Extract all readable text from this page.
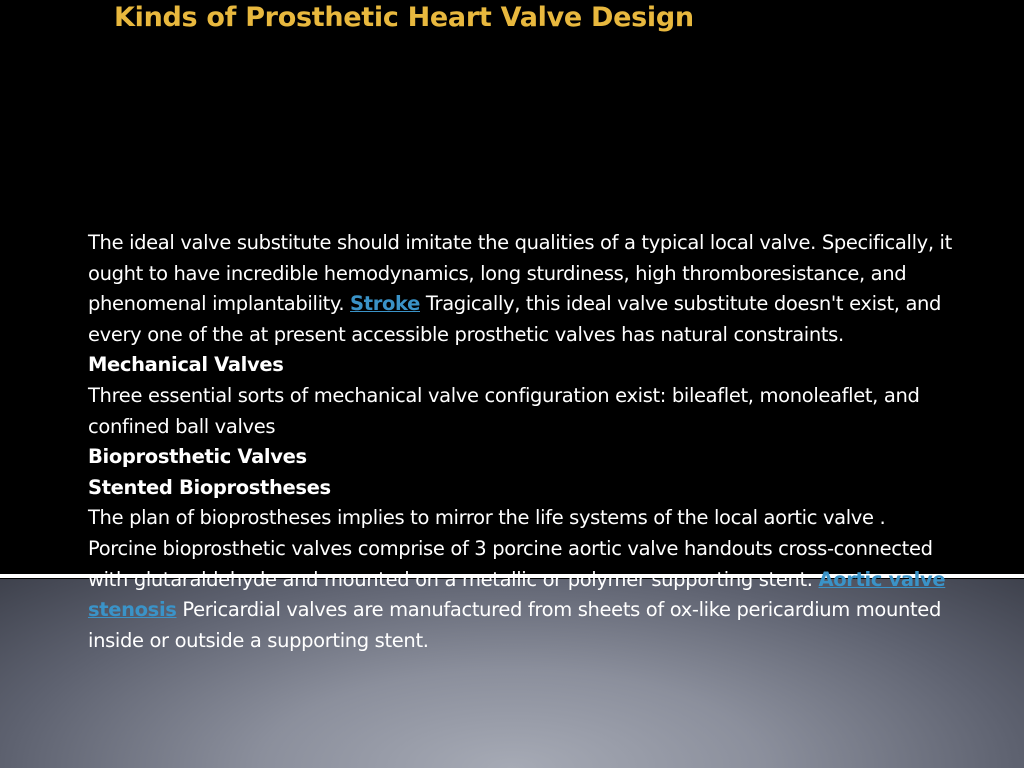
Kinds of Prosthetic Heart Valve Design

The ideal valve substitute should imitate the qualities of a typical local valve. Specifically, it ought to have incredible hemodynamics, long sturdiness, high thromboresistance, and phenomenal implantability. Stroke Tragically, this ideal valve substitute doesn't exist, and every one of the at present accessible prosthetic valves has natural constraints.

Mechanical Valves

Three essential sorts of mechanical valve configuration exist: bileaflet, monoleaflet, and confined ball valves

Bioprosthetic Valves

Stented Bioprostheses

The plan of bioprostheses implies to mirror the life systems of the local aortic valve . Porcine bioprosthetic valves comprise of 3 porcine aortic valve handouts cross-connected with glutaraldehyde and mounted on a metallic or polymer supporting stent. Aortic valve stenosis Pericardial valves are manufactured from sheets of ox-like pericardium mounted inside or outside a supporting stent.
